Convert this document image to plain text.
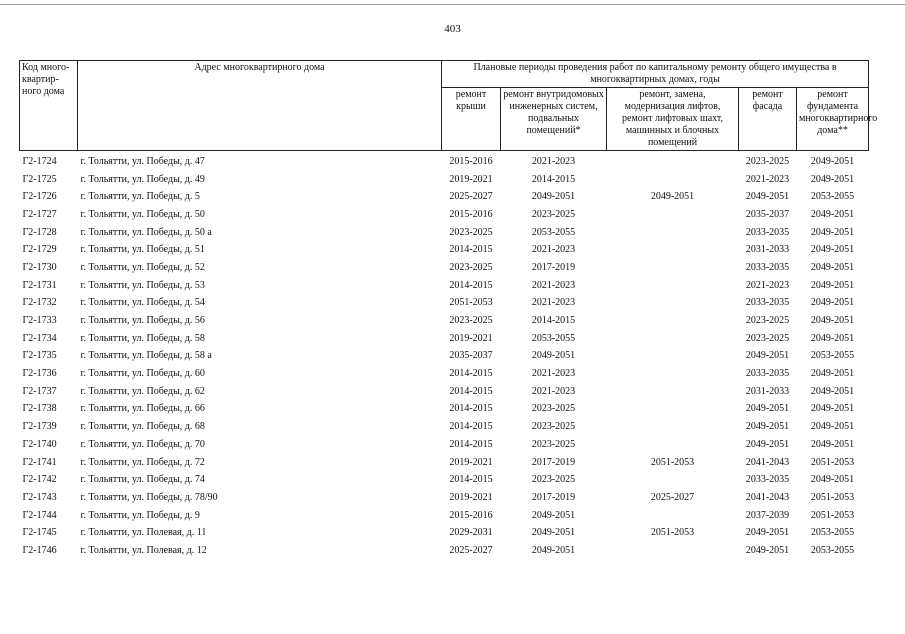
403
Код много-квартир-ного дома	Адрес многоквартирного дома	Плановые периоды проведения работ по капитальному ремонту общего имущества в многоквартирных домах, годы				
		ремонт крыши	ремонт внутридомовых инженерных систем, подвальных помещений*	ремонт, замена, модернизация лифтов, ремонт лифтовых шахт, машинных и блочных помещений	ремонт фасада	ремонт фундамента многоквартирного дома**
Г2-1724	г. Тольятти, ул. Победы, д. 47	2015-2016	2021-2023		2023-2025	2049-2051
Г2-1725	г. Тольятти, ул. Победы, д. 49	2019-2021	2014-2015		2021-2023	2049-2051
Г2-1726	г. Тольятти, ул. Победы, д. 5	2025-2027	2049-2051	2049-2051	2049-2051	2053-2055
Г2-1727	г. Тольятти, ул. Победы, д. 50	2015-2016	2023-2025		2035-2037	2049-2051
Г2-1728	г. Тольятти, ул. Победы, д. 50 а	2023-2025	2053-2055		2033-2035	2049-2051
Г2-1729	г. Тольятти, ул. Победы, д. 51	2014-2015	2021-2023		2031-2033	2049-2051
Г2-1730	г. Тольятти, ул. Победы, д. 52	2023-2025	2017-2019		2033-2035	2049-2051
Г2-1731	г. Тольятти, ул. Победы, д. 53	2014-2015	2021-2023		2021-2023	2049-2051
Г2-1732	г. Тольятти, ул. Победы, д. 54	2051-2053	2021-2023		2033-2035	2049-2051
Г2-1733	г. Тольятти, ул. Победы, д. 56	2023-2025	2014-2015		2023-2025	2049-2051
Г2-1734	г. Тольятти, ул. Победы, д. 58	2019-2021	2053-2055		2023-2025	2049-2051
Г2-1735	г. Тольятти, ул. Победы, д. 58 а	2035-2037	2049-2051		2049-2051	2053-2055
Г2-1736	г. Тольятти, ул. Победы, д. 60	2014-2015	2021-2023		2033-2035	2049-2051
Г2-1737	г. Тольятти, ул. Победы, д. 62	2014-2015	2021-2023		2031-2033	2049-2051
Г2-1738	г. Тольятти, ул. Победы, д. 66	2014-2015	2023-2025		2049-2051	2049-2051
Г2-1739	г. Тольятти, ул. Победы, д. 68	2014-2015	2023-2025		2049-2051	2049-2051
Г2-1740	г. Тольятти, ул. Победы, д. 70	2014-2015	2023-2025		2049-2051	2049-2051
Г2-1741	г. Тольятти, ул. Победы, д. 72	2019-2021	2017-2019	2051-2053	2041-2043	2051-2053
Г2-1742	г. Тольятти, ул. Победы, д. 74	2014-2015	2023-2025		2033-2035	2049-2051
Г2-1743	г. Тольятти, ул. Победы, д. 78/90	2019-2021	2017-2019	2025-2027	2041-2043	2051-2053
Г2-1744	г. Тольятти, ул. Победы, д. 9	2015-2016	2049-2051		2037-2039	2051-2053
Г2-1745	г. Тольятти, ул. Полевая, д. 11	2029-2031	2049-2051	2051-2053	2049-2051	2053-2055
Г2-1746	г. Тольятти, ул. Полевая, д. 12	2025-2027	2049-2051		2049-2051	2053-2055
